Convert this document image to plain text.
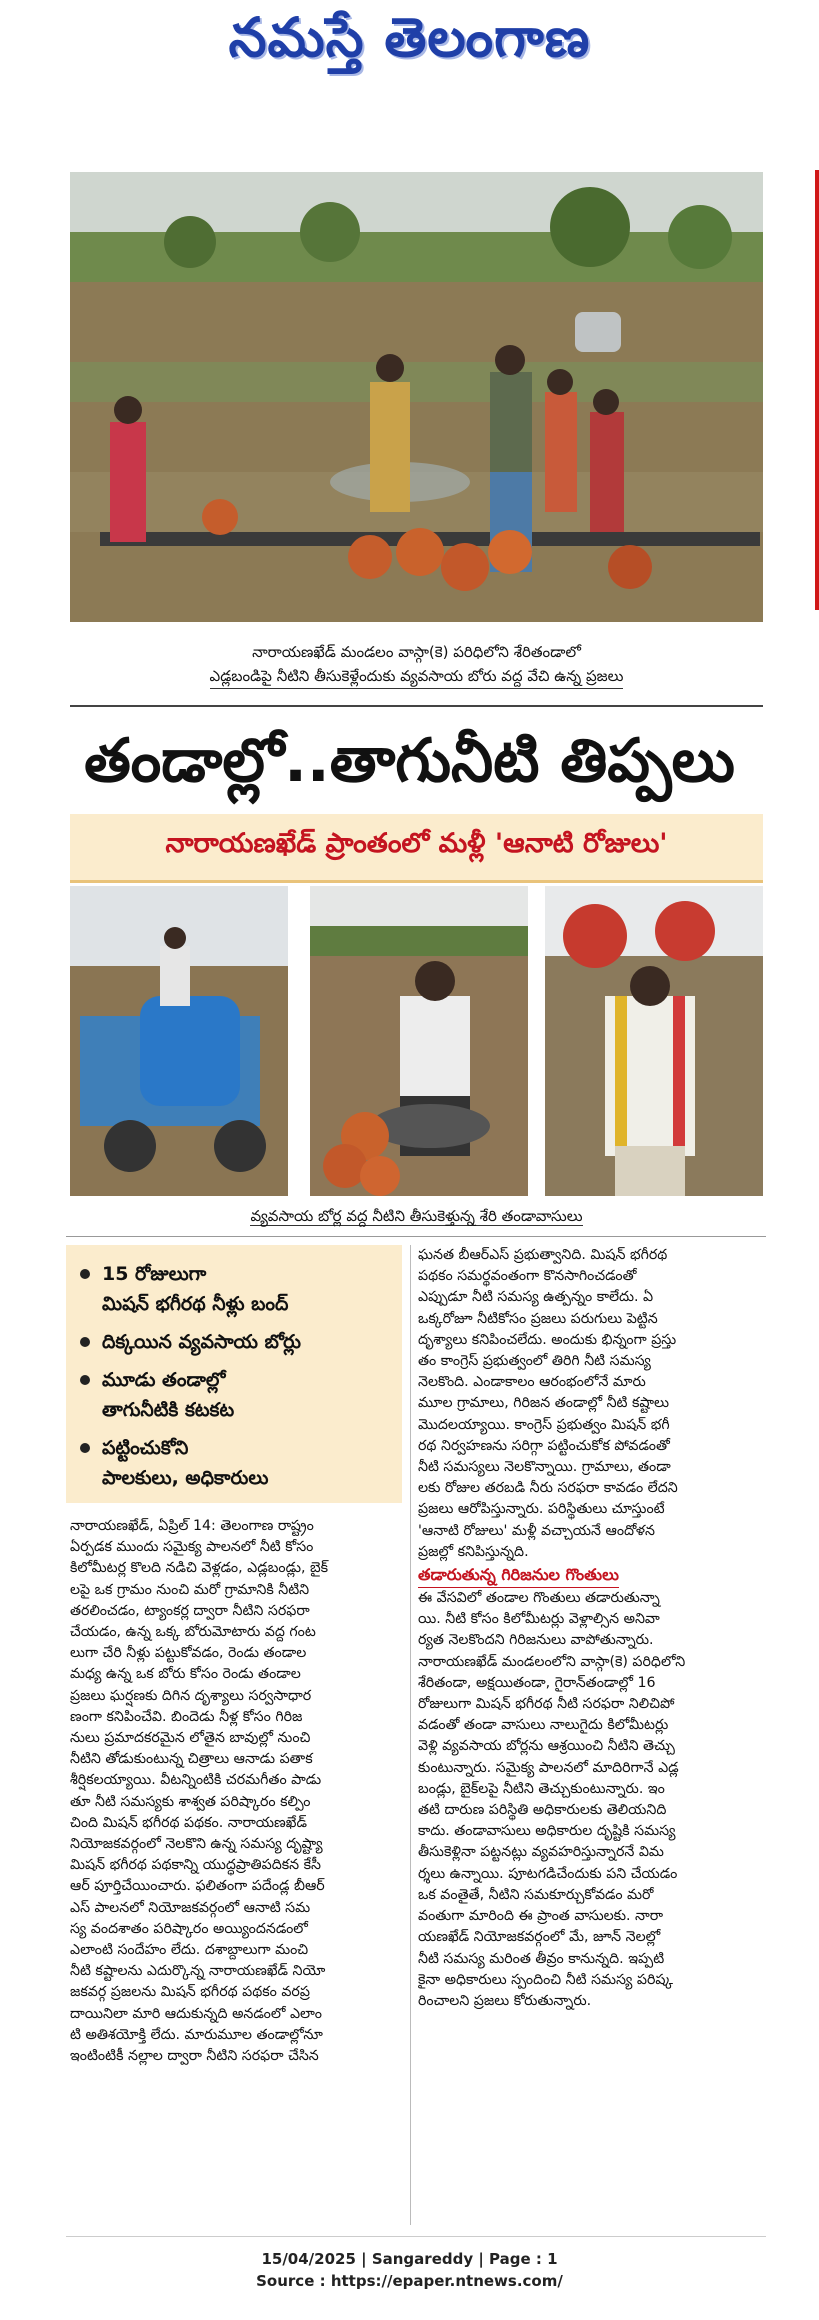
నమస్తే తెలంగాణ
నారాయణఖేడ్ మండలం వాస్గా(కె) పరిధిలోని శేరితండాలో
ఎడ్లబండిపై నీటిని తీసుకెళ్లేందుకు వ్యవసాయ బోరు వద్ద వేచి ఉన్న ప్రజలు
తండాల్లో..తాగునీటి తిప్పలు
నారాయణఖేడ్ ప్రాంతంలో మళ్లీ 'ఆనాటి రోజులు'
వ్యవసాయ బోర్ల వద్ద నీటిని తీసుకెళ్తున్న శేరి తండావాసులు
15 రోజులుగా
మిషన్ భగీరథ నీళ్లు బంద్
దిక్కయిన వ్యవసాయ బోర్లు
మూడు తండాల్లో
తాగునీటికి కటకట
పట్టించుకోని
పాలకులు, అధికారులు

నారాయణఖేడ్, ఏప్రిల్ 14: తెలంగాణ రాష్ట్రం

ఏర్పడక ముందు సమైక్య పాలనలో నీటి కోసం

కిలోమీటర్ల కొలది నడిచి వెళ్లడం, ఎడ్లబండ్లు, బైక్

లపై ఒక గ్రామం నుంచి మరో గ్రామానికి నీటిని

తరలించడం, ట్యాంకర్ల ద్వారా నీటిని సరఫరా

చేయడం, ఉన్న ఒక్క బోరుమోటారు వద్ద గంట

లుగా చేరి నీళ్లు పట్టుకోవడం, రెండు తండాల

మధ్య ఉన్న ఒక బోరు కోసం రెండు తండాల

ప్రజలు ఘర్షణకు దిగిన దృశ్యాలు సర్వసాధార

ణంగా కనిపించేవి. బిందెడు నీళ్ల కోసం గిరిజ

నులు ప్రమాదకరమైన లోతైన బావుల్లో నుంచి

నీటిని తోడుకుంటున్న చిత్రాలు ఆనాడు పతాక

శీర్షికలయ్యాయి. వీటన్నింటికి చరమగీతం పాడు

తూ నీటి సమస్యకు శాశ్వత పరిష్కారం కల్పిం

చింది మిషన్ భగీరథ పథకం. నారాయణఖేడ్

నియోజకవర్గంలో నెలకొని ఉన్న సమస్య దృష్ట్యా

మిషన్ భగీరథ పథకాన్ని యుద్ధప్రాతిపదికన కేసీ

ఆర్ పూర్తిచేయించారు. ఫలితంగా పదేండ్ల బీఆర్

ఎస్ పాలనలో నియోజకవర్గంలో ఆనాటి సమ

స్య వందశాతం పరిష్కారం అయ్యిందనడంలో

ఎలాంటి సందేహం లేదు. దశాబ్దాలుగా మంచి

నీటి కష్టాలను ఎదుర్కొన్న నారాయణఖేడ్ నియో

జకవర్గ ప్రజలను మిషన్ భగీరథ పథకం వరప్ర

దాయినిలా మారి ఆదుకున్నది అనడంలో ఎలాం

టి అతిశయోక్తి లేదు. మారుమూల తండాల్లోనూ

ఇంటింటికీ నల్లాల ద్వారా నీటిని సరఫరా చేసిన

ఘనత బీఆర్ఎస్ ప్రభుత్వానిది. మిషన్ భగీరథ

పథకం సమర్థవంతంగా కొనసాగించడంతో

ఎప్పుడూ నీటి సమస్య ఉత్పన్నం కాలేదు. ఏ

ఒక్కరోజూ నీటికోసం ప్రజలు పరుగులు పెట్టిన

దృశ్యాలు కనిపించలేదు. అందుకు భిన్నంగా ప్రస్తు

తం కాంగ్రెస్ ప్రభుత్వంలో తిరిగి నీటి సమస్య

నెలకొంది. ఎండాకాలం ఆరంభంలోనే మారు

మూల గ్రామాలు, గిరిజన తండాల్లో నీటి కష్టాలు

మొదలయ్యాయి. కాంగ్రెస్ ప్రభుత్వం మిషన్ భగీ

రథ నిర్వహణను సరిగ్గా పట్టించుకోక పోవడంతో

నీటి సమస్యలు నెలకొన్నాయి. గ్రామాలు, తండా

లకు రోజుల తరబడి నీరు సరఫరా కావడం లేదని

ప్రజలు ఆరోపిస్తున్నారు. పరిస్థితులు చూస్తుంటే

'ఆనాటి రోజులు' మళ్లీ వచ్చాయనే ఆందోళన

ప్రజల్లో కనిపిస్తున్నది.

తడారుతున్న గిరిజనుల గొంతులు

ఈ వేసవిలో తండాల గొంతులు తడారుతున్నా

యి. నీటి కోసం కిలోమీటర్లు వెళ్లాల్సిన అనివా

ర్యత నెలకొందని గిరిజనులు వాపోతున్నారు.

నారాయణఖేడ్ మండలంలోని వాస్గా(కె) పరిధిలోని

శేరితండా, అక్షయితండా, గైరాన్‌తండాల్లో 16

రోజులుగా మిషన్ భగీరథ నీటి సరఫరా నిలిచిపో

వడంతో తండా వాసులు నాలుగైదు కిలోమీటర్లు

వెళ్లి వ్యవసాయ బోర్లను ఆశ్రయించి నీటిని తెచ్చు

కుంటున్నారు. సమైక్య పాలనలో మాదిరిగానే ఎడ్ల

బండ్లు, బైక్‌లపై నీటిని తెచ్చుకుంటున్నారు. ఇం

తటి దారుణ పరిస్థితి అధికారులకు తెలియనిది

కాదు. తండావాసులు అధికారుల దృష్టికి సమస్య

తీసుకెళ్లినా పట్టనట్లు వ్యవహరిస్తున్నారనే విమ

ర్శలు ఉన్నాయి. పూటగడిచేందుకు పని చేయడం

ఒక వంతైతే, నీటిని సమకూర్చుకోవడం మరో

వంతుగా మారింది ఈ ప్రాంత వాసులకు. నారా

యణఖేడ్ నియోజకవర్గంలో మే, జూన్ నెలల్లో

నీటి సమస్య మరింత తీవ్రం కానున్నది. ఇప్పటి

కైనా అధికారులు స్పందించి నీటి సమస్య పరిష్క

రించాలని ప్రజలు కోరుతున్నారు.

15/04/2025 | Sangareddy | Page : 1
Source : https://epaper.ntnews.com/
